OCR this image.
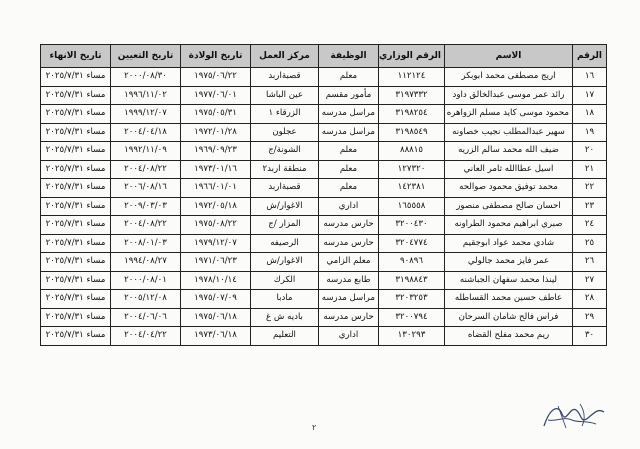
الرقم	الاسم	الرقم الوزاري	الوظيفة	مركز العمل	تاريخ الولادة	تاريخ التعيين	تاريخ الانهاء
١٦	اريج مصطفى محمد ابوبكر	١١٢١٢٤	معلم	قصبةاربد	١٩٧٥/٠٦/٢٢	٢٠٠٠/٠٨/٣٠	مساء ٢٠٢٥/٧/٣١
١٧	رائد عمر موسى عبدالخالق داود	٣١٩٧٣٣٢	مأمور مقسم	عين الباشا	١٩٧٧/٠٦/٠١	١٩٩٦/١١/٠٢	مساء ٢٠٢٥/٧/٣١
١٨	محمود موسى كايد مسلم الزواهره	٣١٩٨٢٥٤	مراسل مدرسه	الزرقاء ١	١٩٧٥/٠٥/٣١	١٩٩٩/١٢/٠٧	مساء ٢٠٢٥/٧/٣١
١٩	سهير عبدالمطلب نجيب خصاونه	٣١٩٨٥٤٩	مراسل مدرسه	عجلون	١٩٧٢/٠١/٢٨	٢٠٠٤/٠٤/١٨	مساء ٢٠٢٥/٧/٣١
٢٠	ضيف الله محمد سالم الزريه	٨٨٨١٥	معلم	الشونة/ج	١٩٦٩/٠٩/٢٣	١٩٩٢/١١/٠٩	مساء ٢٠٢٥/٧/٣١
٢١	اسيل عطاالله ثامر العاني	١٢٧٣٢٠	معلم	منطقة اربد٢	١٩٧٣/٠١/١٦	٢٠٠٤/٠٨/٢٢	مساء ٢٠٢٥/٧/٣١
٢٢	محمد توفيق محمود صوالحه	١٤٢٣٨١	معلم	قصبةاربد	١٩٦٦/٠١/٠١	٢٠٠٦/٠٨/١٦	مساء ٢٠٢٥/٧/٣١
٢٣	احسان صالح مصطفى منصور	١٦٥٥٥٨	اداري	الاغوار/ش	١٩٧٢/٠٥/١٨	٢٠٠٩/٠٣/٠٣	مساء ٢٠٢٥/٧/٣١
٢٤	صبري ابراهيم محمود الطراونه	٣٢٠٠٤٣٠	حارس مدرسه	المزار /ج	١٩٧٥/٠٨/٢٢	٢٠٠٤/٠٨/٢٢	مساء ٢٠٢٥/٧/٣١
٢٥	شادي محمد عواد ابوجقيم	٣٢٠٤٧٧٤	حارس مدرسه	الرصيفه	١٩٧٩/١٢/٠٧	٢٠٠٨/٠١/٠٣	مساء ٢٠٢٥/٧/٣١
٢٦	عمر فايز محمد جالولي	٩٠٨٩٦	معلم الزامي	الاغوار/ش	١٩٧١/٠٦/٢٣	١٩٩٤/٠٨/٢٧	مساء ٢٠٢٥/٧/٣١
٢٧	لينذا محمد سفهان الجباشنه	٣١٩٨٨٤٣	طابع مدرسه	الكرك	١٩٧٨/١٠/١٤	٢٠٠٠/٠٨/٠١	مساء ٢٠٢٥/٧/٣١
٢٨	عاطف حسين محمد القساطله	٣٢٠٣٢٥٣	مراسل مدرسه	مادبا	١٩٧٥/٠٧/٠٩	٢٠٠٥/١٢/٠٨	مساء ٢٠٢٥/٧/٣١
٢٩	فراس فالح شامان السرحان	٣٢٠٠٧٩٤	حارس مدرسه	باديه ش غ	١٩٧٥/٠٦/١٨	٢٠٠٤/٠٦/٠٦	مساء ٢٠٢٥/٧/٣١
٣٠	ريم محمد مفلح القضاه	١٣٠٢٩٣	اداري	التعليم	١٩٧٣/٠٦/١٨	٢٠٠٤/٠٤/٢٢	مساء ٢٠٢٥/٧/٣١
٢
